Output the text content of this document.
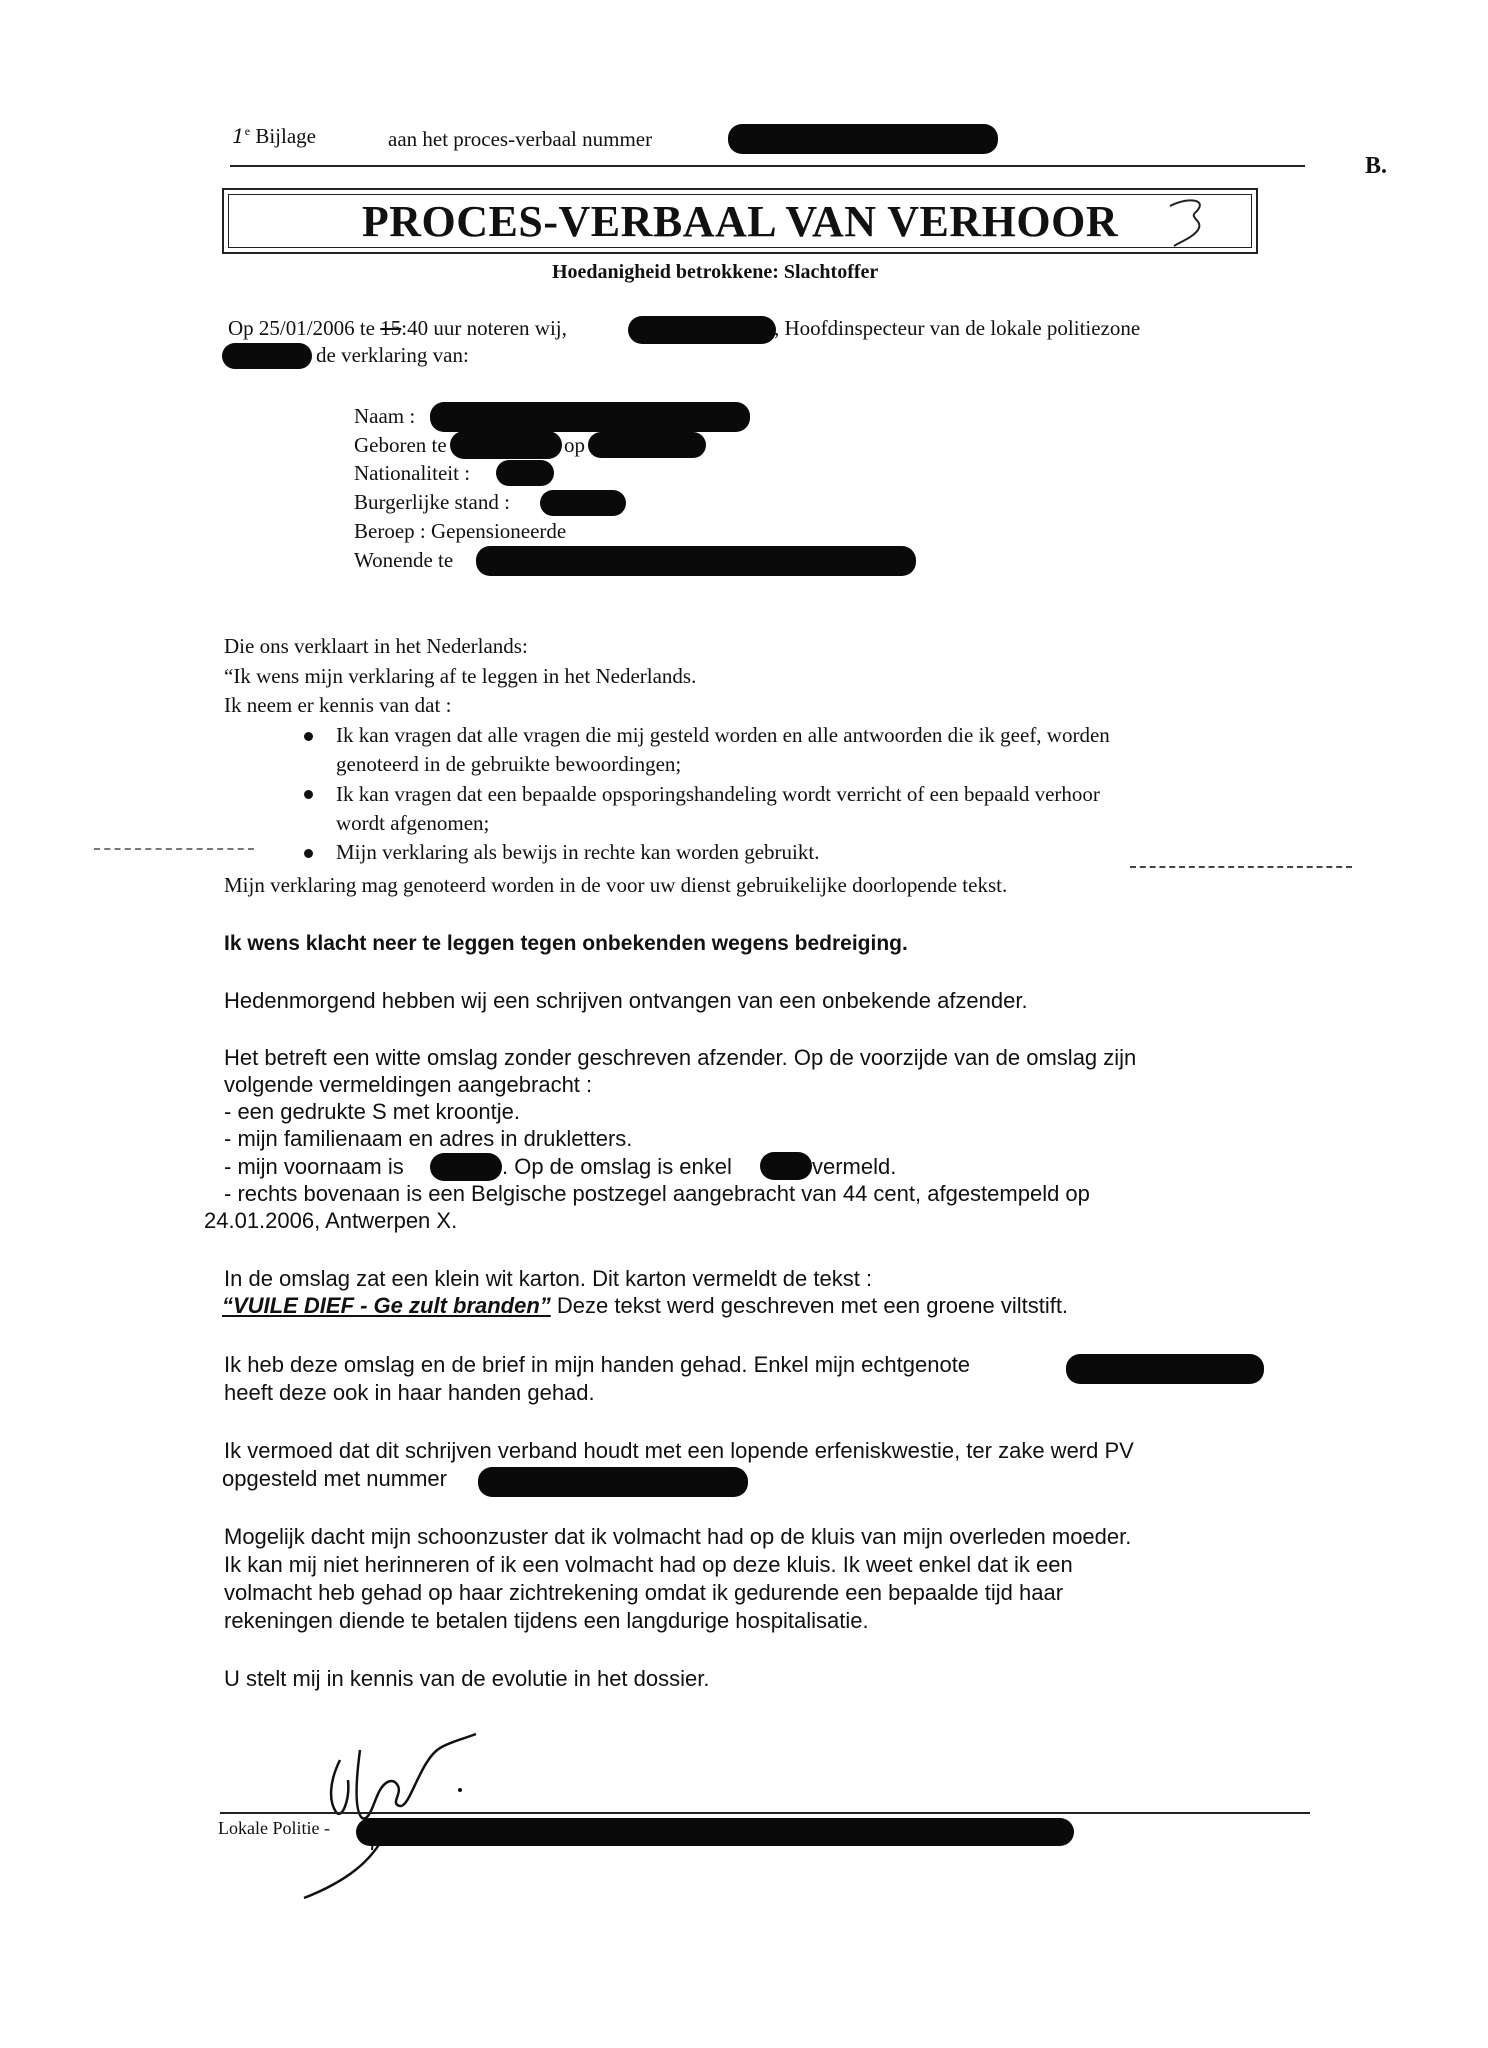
1e Bijlage	aan het proces-verbaal nummer
B.
PROCES-VERBAAL VAN VERHOOR
Hoedanigheid betrokkene: Slachtoffer
Op 25/01/2006 te 15:40 uur noteren wij,	, Hoofdinspecteur van de lokale politiezone
de verklaring van:
Naam :
Geboren te	op
Nationaliteit :
Burgerlijke stand :
Beroep : Gepensioneerde
Wonende te
Die ons verklaart in het Nederlands:
“Ik wens mijn verklaring af te leggen in het Nederlands.
Ik neem er kennis van dat :
Ik kan vragen dat alle vragen die mij gesteld worden en alle antwoorden die ik geef, worden
genoteerd in de gebruikte bewoordingen;
Ik kan vragen dat een bepaalde opsporingshandeling wordt verricht of een bepaald verhoor
wordt afgenomen;
Mijn verklaring als bewijs in rechte kan worden gebruikt.
Mijn verklaring mag genoteerd worden in de voor uw dienst gebruikelijke doorlopende tekst.
Ik wens klacht neer te leggen tegen onbekenden wegens bedreiging.
Hedenmorgend hebben wij een schrijven ontvangen van een onbekende afzender.
Het betreft een witte omslag zonder geschreven afzender. Op de voorzijde van de omslag zijn
volgende vermeldingen aangebracht :
- een gedrukte S met kroontje.
- mijn familienaam en adres in drukletters.
- mijn voornaam is	. Op de omslag is enkel	vermeld.
- rechts bovenaan is een Belgische postzegel aangebracht van 44 cent, afgestempeld op
24.01.2006, Antwerpen X.
In de omslag zat een klein wit karton. Dit karton vermeldt de tekst :
“VUILE DIEF - Ge zult branden” Deze tekst werd geschreven met een groene viltstift.
Ik heb deze omslag en de brief in mijn handen gehad. Enkel mijn echtgenote
heeft deze ook in haar handen gehad.
Ik vermoed dat dit schrijven verband houdt met een lopende erfeniskwestie, ter zake werd PV
opgesteld met nummer
Mogelijk dacht mijn schoonzuster dat ik volmacht had op de kluis van mijn overleden moeder.
Ik kan mij niet herinneren of ik een volmacht had op deze kluis. Ik weet enkel dat ik een
volmacht heb gehad op haar zichtrekening omdat ik gedurende een bepaalde tijd haar
rekeningen diende te betalen tijdens een langdurige hospitalisatie.
U stelt mij in kennis van de evolutie in het dossier.
Lokale Politie -
